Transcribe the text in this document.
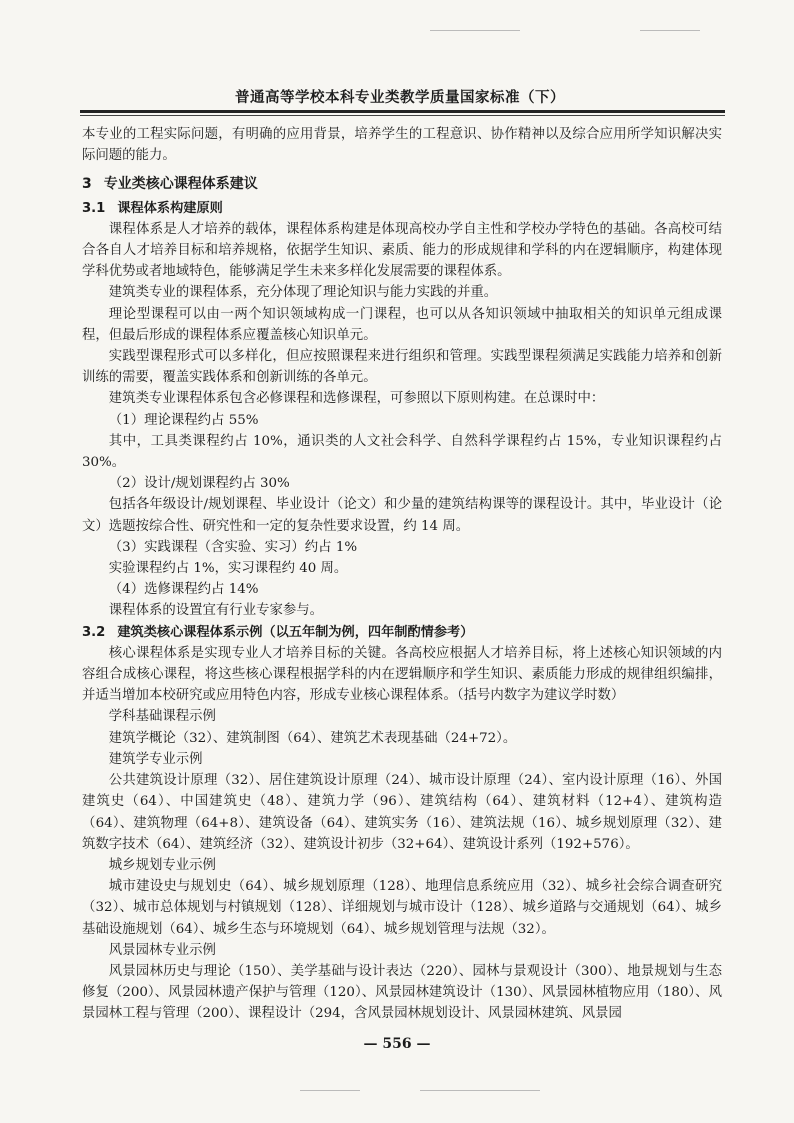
普通高等学校本科专业类教学质量国家标准（下）

本专业的工程实际问题，有明确的应用背景，培养学生的工程意识、协作精神以及综合应用所学知识解决实际问题的能力。

3 专业类核心课程体系建议
3.1 课程体系构建原则

课程体系是人才培养的载体，课程体系构建是体现高校办学自主性和学校办学特色的基础。各高校可结合各自人才培养目标和培养规格，依据学生知识、素质、能力的形成规律和学科的内在逻辑顺序，构建体现学科优势或者地域特色，能够满足学生未来多样化发展需要的课程体系。

建筑类专业的课程体系，充分体现了理论知识与能力实践的并重。

理论型课程可以由一两个知识领域构成一门课程，也可以从各知识领域中抽取相关的知识单元组成课程，但最后形成的课程体系应覆盖核心知识单元。

实践型课程形式可以多样化，但应按照课程来进行组织和管理。实践型课程须满足实践能力培养和创新训练的需要，覆盖实践体系和创新训练的各单元。

建筑类专业课程体系包含必修课程和选修课程，可参照以下原则构建。在总课时中：

（1）理论课程约占 55%

其中，工具类课程约占 10%，通识类的人文社会科学、自然科学课程约占 15%，专业知识课程约占 30%。

（2）设计/规划课程约占 30%

包括各年级设计/规划课程、毕业设计（论文）和少量的建筑结构课等的课程设计。其中，毕业设计（论文）选题按综合性、研究性和一定的复杂性要求设置，约 14 周。

（3）实践课程（含实验、实习）约占 1%

实验课程约占 1%，实习课程约 40 周。

（4）选修课程约占 14%

课程体系的设置宜有行业专家参与。

3.2 建筑类核心课程体系示例（以五年制为例，四年制酌情参考）

核心课程体系是实现专业人才培养目标的关键。各高校应根据人才培养目标，将上述核心知识领域的内容组合成核心课程，将这些核心课程根据学科的内在逻辑顺序和学生知识、素质能力形成的规律组织编排，并适当增加本校研究或应用特色内容，形成专业核心课程体系。（括号内数字为建议学时数）

学科基础课程示例

建筑学概论（32）、建筑制图（64）、建筑艺术表现基础（24+72）。

建筑学专业示例

公共建筑设计原理（32）、居住建筑设计原理（24）、城市设计原理（24）、室内设计原理（16）、外国建筑史（64）、中国建筑史（48）、建筑力学（96）、建筑结构（64）、建筑材料（12+4）、建筑构造（64）、建筑物理（64+8）、建筑设备（64）、建筑实务（16）、建筑法规（16）、城乡规划原理（32）、建筑数字技术（64）、建筑经济（32）、建筑设计初步（32+64）、建筑设计系列（192+576）。

城乡规划专业示例

城市建设史与规划史（64）、城乡规划原理（128）、地理信息系统应用（32）、城乡社会综合调查研究（32）、城市总体规划与村镇规划（128）、详细规划与城市设计（128）、城乡道路与交通规划（64）、城乡基础设施规划（64）、城乡生态与环境规划（64）、城乡规划管理与法规（32）。

风景园林专业示例

风景园林历史与理论（150）、美学基础与设计表达（220）、园林与景观设计（300）、地景规划与生态修复（200）、风景园林遗产保护与管理（120）、风景园林建筑设计（130）、风景园林植物应用（180）、风景园林工程与管理（200）、课程设计（294，含风景园林规划设计、风景园林建筑、风景园

— 556 —
